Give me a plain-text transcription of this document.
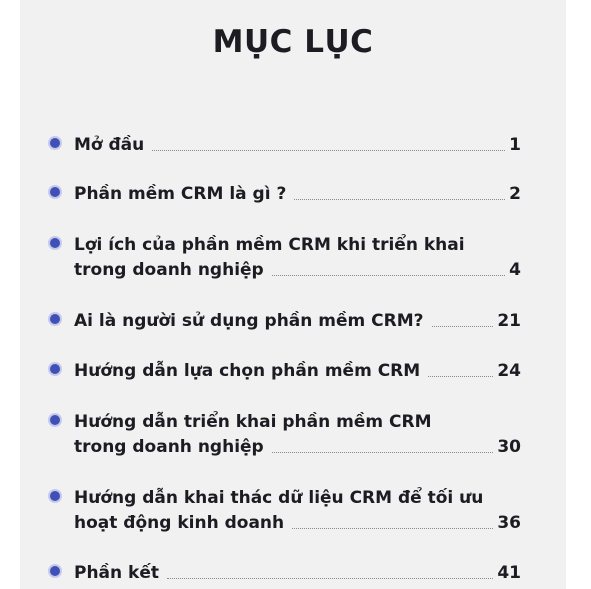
MỤC LỤC
Mở đầu	1
Phần mềm CRM là gì ?	2
Lợi ích của phần mềm CRM khi triển khai
trong doanh nghiệp	4
Ai là người sử dụng phần mềm CRM?	21
Hướng dẫn lựa chọn phần mềm CRM	24
Hướng dẫn triển khai phần mềm CRM
trong doanh nghiệp	30
Hướng dẫn khai thác dữ liệu CRM để tối ưu
hoạt động kinh doanh	36
Phần kết	41
